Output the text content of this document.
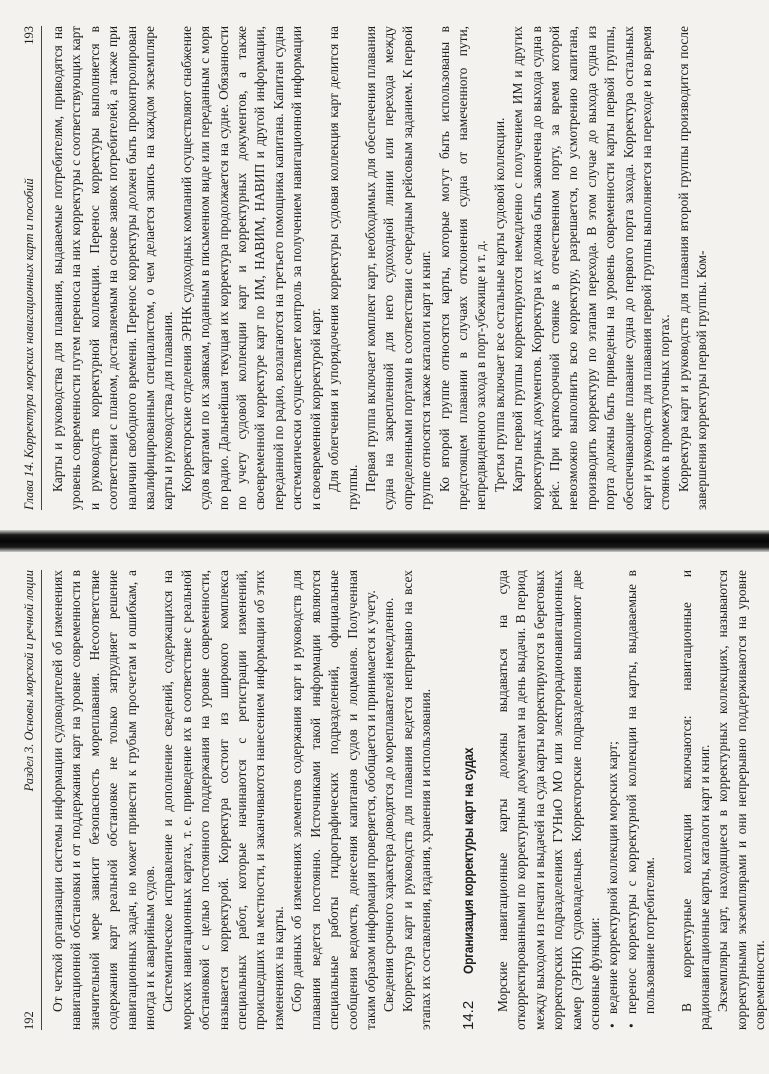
192
Раздел 3. Основы морской и речной лоции От четкой организации системы информации судоводителей об изменениях навигационной обстановки и от поддержания карт на уровне современности в значительной мере зависит безопасность мореплавания. Несоответствие содержания карт реальной обстановке не только затрудняет решение навигационных задач, но может привести к грубым просчетам и ошибкам, а иногда и к аварийным судов. Систематическое исправление и дополнение сведений, содержащихся на морских навигационных картах, т. е. приведение их в соответствие с реальной обстановкой с целью постоянного поддержания на уровне современности, называется корректурой. Корректура состоит из широкого комплекса специальных работ, которые начинаются с регистрации изменений, происшедших на местности, и заканчиваются нанесением информации об этих изменениях на карты. Сбор данных об изменениях элементов содержания карт и руководств для плавания ведется постоянно. Источниками такой информации являются специальные работы гидрографических подразделений, официальные сообщения ведомств, донесения капитанов судов и лоцманов. Полученная таким образом информация проверяется, обобщается и принимается к учету. Сведения срочного характера доводятся до мореплавателей немедленно. Корректура карт и руководств для плавания ведется непрерывно на всех этапах их составления, издания, хранения и использования. 14.2
Организация корректуры карт на судах Морские навигационные карты должны выдаваться на суда откорректированными по корректурным документам на день выдачи. В период между выходом из печати и выдачей на суда карты корректируются в береговых корректорских подразделениях ГУНиО МО или электрорадионавигационных камер (ЭРНК) судовладельцев. Корректорские подразделения выполняют две основные функции: • ведение корректурной коллекции морских карт; • перенос корректуры с корректурной коллекции на карты, выдаваемые в пользование потребителям. В корректурные коллекции включаются: навигационные и радионавигационные карты, каталоги карт и книг. Экземпляры карт, находящиеся в корректурных коллекциях, называются корректурными экземплярами и они непрерывно поддерживаются на уровне современности.

Глава 14. Корректура морских навигационных карт и пособий
193 Карты и руководства для плавания, выдаваемые потребителям, приводятся на уровень современности путем переноса на них корректуры с соответствующих карт и руководств корректурной коллекции. Перенос корректуры выполняется в соответствии с планом, доставляемым на основе заявок потребителей, а также при наличии свободного времени. Перенос корректуры должен быть проконтролирован квалифицированным специалистом, о чем делается запись на каждом экземпляре карты и руководства для плавания. Корректорские отделения ЭРНК судоходных компаний осуществляют снабжение судов картами по их заявкам, поданным в письменном виде или переданным с моря по радио. Дальнейшая текущая их корректура продолжается на судне. Обязанности по учету судовой коллекции карт и корректурных документов, а также своевременной корректуре карт по ИМ, НАВИМ, НАВИП и другой информации, переданной по радио, возлагаются на третьего помощника капитана. Капитан судна систематически осуществляет контроль за получением навигационной информации и своевременной корректурой карт. Для облегчения и упорядочения корректуры судовая коллекция карт делится на группы. Первая группа включает комплект карт, необходимых для обеспечения плавания судна на закрепленной для него судоходной линии или перехода между определенными портами в соответствии с очередным рейсовым заданием. К первой группе относятся также каталоги карт и книг. Ко второй группе относятся карты, которые могут быть использованы в предстоящем плавании в случаях отклонения судна от намеченного пути, непредвиденного захода в порт-убежище и т. д. Третья группа включает все остальные карты судовой коллекции. Карты первой группы корректируются немедленно с получением ИМ и других корректурных документов. Корректура их должна быть закончена до выхода судна в рейс. При краткосрочной стоянке в отечественном порту, за время которой невозможно выполнить всю корректуру, разрешается, по усмотрению капитана, производить корректуру по этапам перехода. В этом случае до выхода судна из порта должны быть приведены на уровень современности карты первой группы, обеспечивающие плавание судна до первого порта захода. Корректура остальных карт и руководств для плавания первой группы выполняется на переходе и во время стоянок в промежуточных портах. Корректура карт и руководств для плавания второй группы производится после завершения корректуры первой группы. Ком-
